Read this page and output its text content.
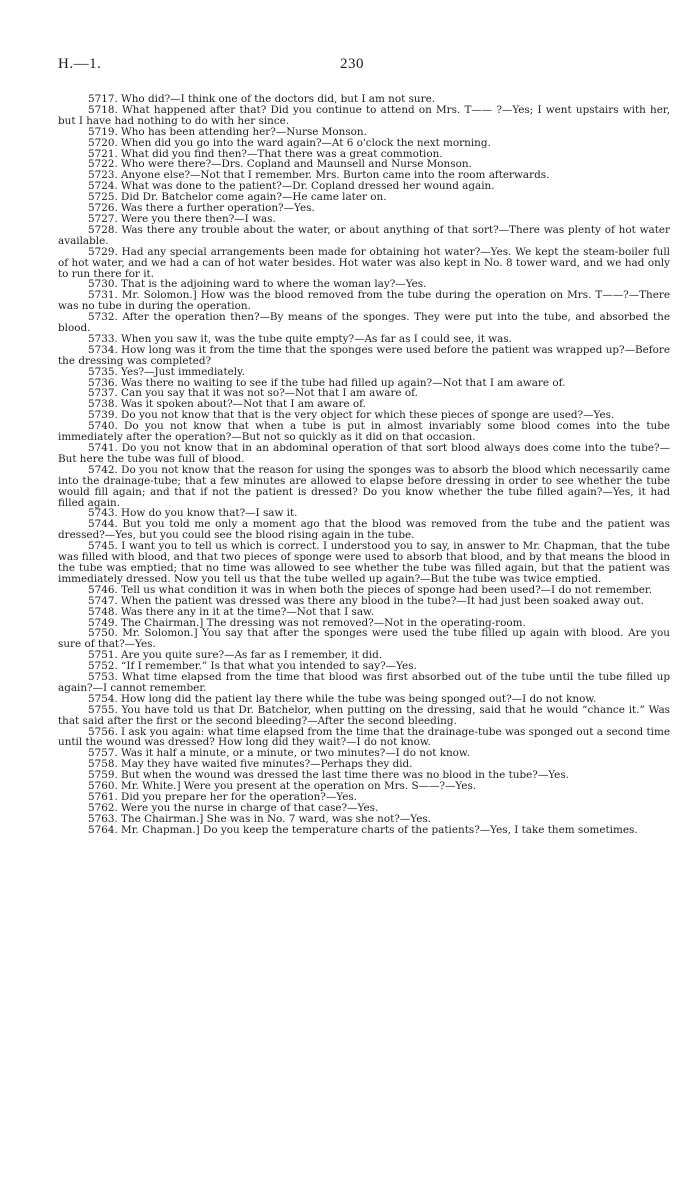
H.—1.	230

5717. Who did?—I think one of the doctors did, but I am not sure.

5718. What happened after that? Did you continue to attend on Mrs. T—— ?—Yes; I went upstairs with her, but I have had nothing to do with her since.

5719. Who has been attending her?—Nurse Monson.

5720. When did you go into the ward again?—At 6 o'clock the next morning.

5721. What did you find then?—That there was a great commotion.

5722. Who were there?—Drs. Copland and Maunsell and Nurse Monson.

5723. Anyone else?—Not that I remember. Mrs. Burton came into the room afterwards.

5724. What was done to the patient?—Dr. Copland dressed her wound again.

5725. Did Dr. Batchelor come again?—He came later on.

5726. Was there a further operation?—Yes.

5727. Were you there then?—I was.

5728. Was there any trouble about the water, or about anything of that sort?—There was plenty of hot water available.

5729. Had any special arrangements been made for obtaining hot water?—Yes. We kept the steam-boiler full of hot water, and we had a can of hot water besides. Hot water was also kept in No. 8 tower ward, and we had only to run there for it.

5730. That is the adjoining ward to where the woman lay?—Yes.

5731. Mr. Solomon.] How was the blood removed from the tube during the operation on Mrs. T——?—There was no tube in during the operation.

5732. After the operation then?—By means of the sponges. They were put into the tube, and absorbed the blood.

5733. When you saw it, was the tube quite empty?—As far as I could see, it was.

5734. How long was it from the time that the sponges were used before the patient was wrapped up?—Before the dressing was completed?

5735. Yes?—Just immediately.

5736. Was there no waiting to see if the tube had filled up again?—Not that I am aware of.

5737. Can you say that it was not so?—Not that I am aware of.

5738. Was it spoken about?—Not that I am aware of.

5739. Do you not know that that is the very object for which these pieces of sponge are used?—Yes.

5740. Do you not know that when a tube is put in almost invariably some blood comes into the tube immediately after the operation?—But not so quickly as it did on that occasion.

5741. Do you not know that in an abdominal operation of that sort blood always does come into the tube?—But here the tube was full of blood.

5742. Do you not know that the reason for using the sponges was to absorb the blood which necessarily came into the drainage-tube; that a few minutes are allowed to elapse before dressing in order to see whether the tube would fill again; and that if not the patient is dressed? Do you know whether the tube filled again?—Yes, it had filled again.

5743. How do you know that?—I saw it.

5744. But you told me only a moment ago that the blood was removed from the tube and the patient was dressed?—Yes, but you could see the blood rising again in the tube.

5745. I want you to tell us which is correct. I understood you to say, in answer to Mr. Chapman, that the tube was filled with blood, and that two pieces of sponge were used to absorb that blood, and by that means the blood in the tube was emptied; that no time was allowed to see whether the tube was filled again, but that the patient was immediately dressed. Now you tell us that the tube welled up again?—But the tube was twice emptied.

5746. Tell us what condition it was in when both the pieces of sponge had been used?—I do not remember.

5747. When the patient was dressed was there any blood in the tube?—It had just been soaked away out.

5748. Was there any in it at the time?—Not that I saw.

5749. The Chairman.] The dressing was not removed?—Not in the operating-room.

5750. Mr. Solomon.] You say that after the sponges were used the tube filled up again with blood. Are you sure of that?—Yes.

5751. Are you quite sure?—As far as I remember, it did.

5752. “If I remember.” Is that what you intended to say?—Yes.

5753. What time elapsed from the time that blood was first absorbed out of the tube until the tube filled up again?—I cannot remember.

5754. How long did the patient lay there while the tube was being sponged out?—I do not know.

5755. You have told us that Dr. Batchelor, when putting on the dressing, said that he would “chance it.” Was that said after the first or the second bleeding?—After the second bleeding.

5756. I ask you again: what time elapsed from the time that the drainage-tube was sponged out a second time until the wound was dressed? How long did they wait?—I do not know.

5757. Was it half a minute, or a minute, or two minutes?—I do not know.

5758. May they have waited five minutes?—Perhaps they did.

5759. But when the wound was dressed the last time there was no blood in the tube?—Yes.

5760. Mr. White.] Were you present at the operation on Mrs. S——?—Yes.

5761. Did you prepare her for the operation?—Yes.

5762. Were you the nurse in charge of that case?—Yes.

5763. The Chairman.] She was in No. 7 ward, was she not?—Yes.

5764. Mr. Chapman.] Do you keep the temperature charts of the patients?—Yes, I take them sometimes.
